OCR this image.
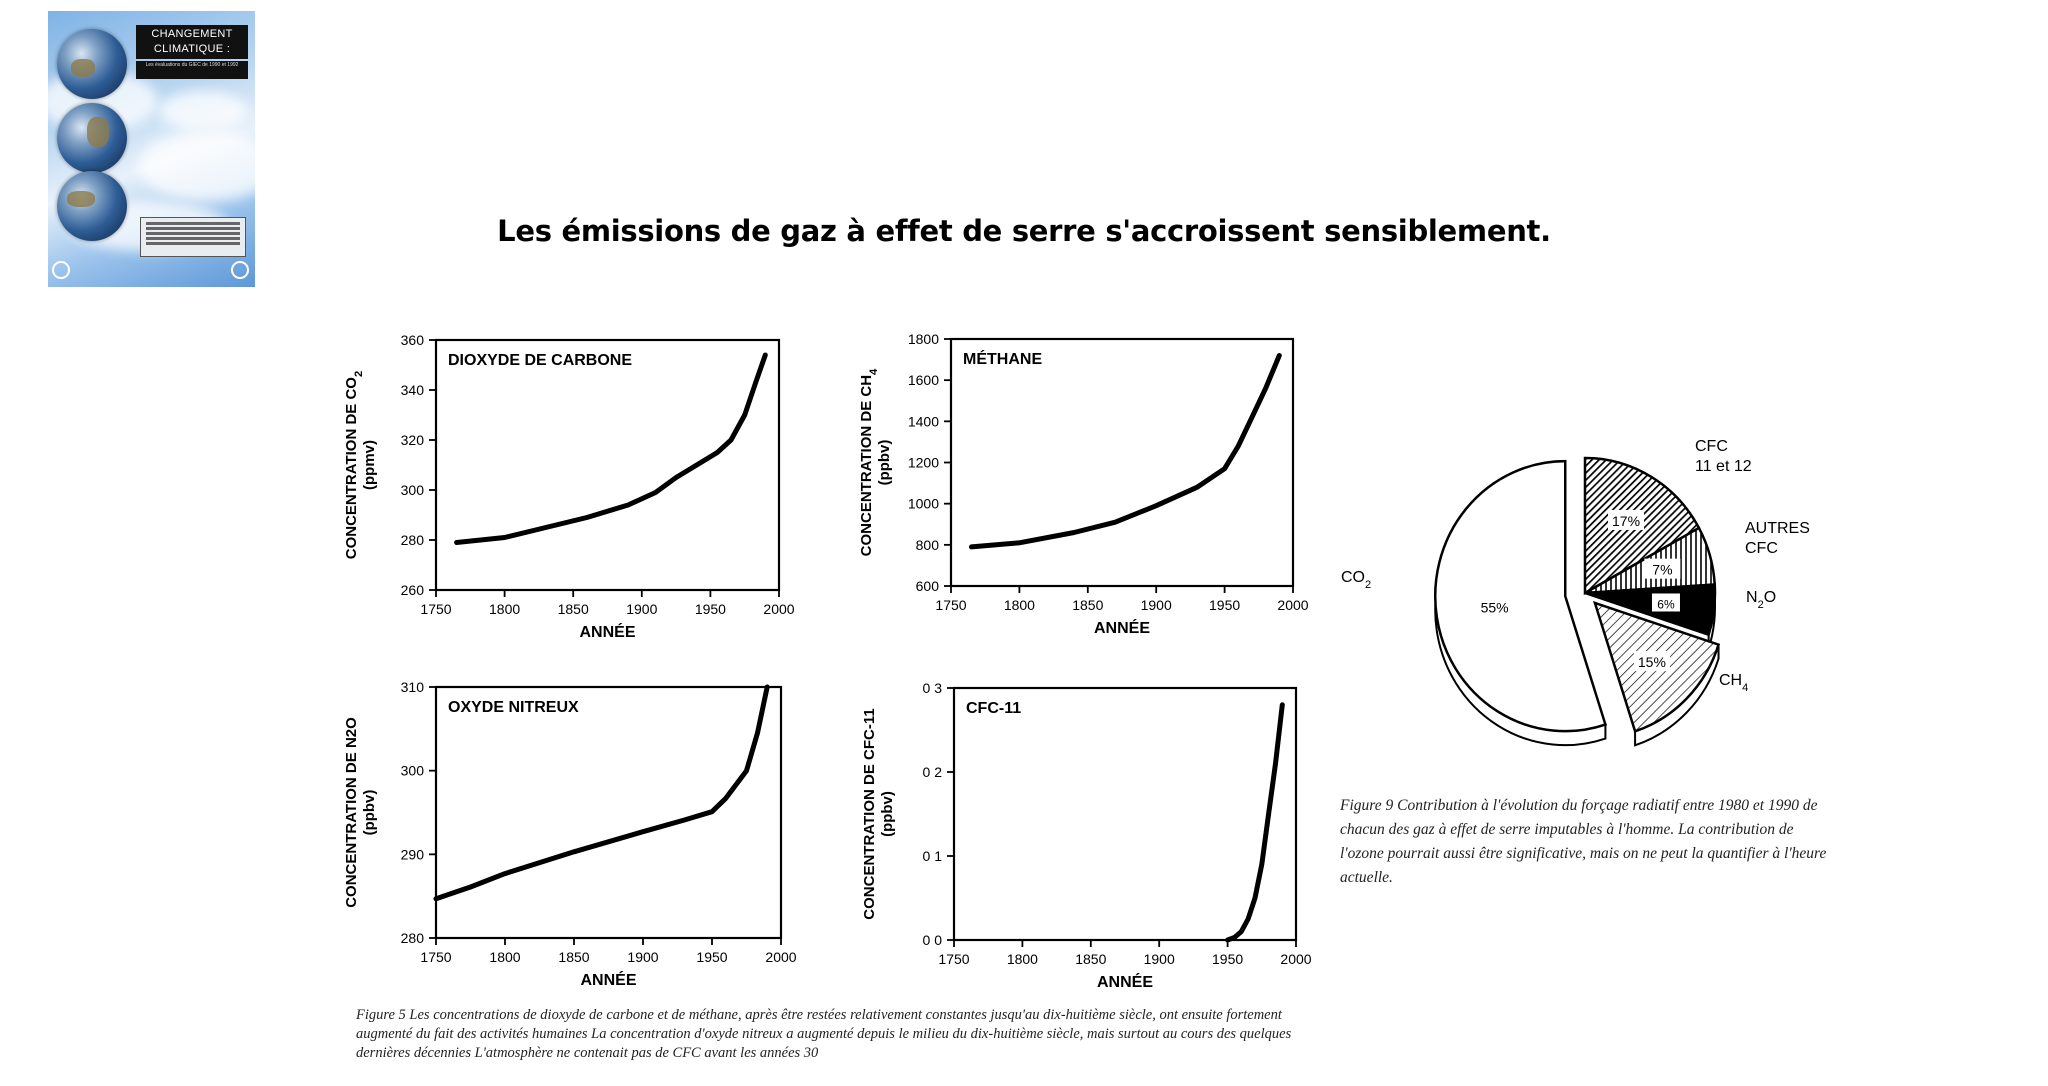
CHANGEMENT
CLIMATIQUE :
Les évaluations du GIEC de 1990 et 1992
Les émissions de gaz à effet de serre s'accroissent sensiblement.
1750	1800	1850	1900	1950	2000
260
280
300
320
340
360
DIOXYDE DE CARBONE
ANNÉE
CONCENTRATION DE $CO_2$
(ppmv)
1750	1800	1850	1900	1950	2000
600
800
1000
1200
1400
1600
1800
MÉTHANE
ANNÉE
CONCENTRATION DE $CH_4$
(ppbv)
1750	1800	1850	1900	1950	2000
280
290
300
310
OXYDE NITREUX
ANNÉE
CONCENTRATION DE N2O (ppbv)
1750	1800	1850	1900	1950	2000
0 0
0 1
0 2
0 3
CFC-11
ANNÉE
CONCENTRATION DE CFC-11 (ppbv)
55%
17%
7%
6%
15%
$CO_2$
CFC
11 et 12
AUTRES
CFC
$N_2O$
$CH_4$

Figure 5 Les concentrations de dioxyde de carbone et de méthane, après être restées relativement constantes jusqu'au dix-huitième siècle, ont ensuite fortement augmenté du fait des activités humaines La concentration d'oxyde nitreux a augmenté depuis le milieu du dix-huitième siècle, mais surtout au cours des quelques dernières décennies L'atmosphère ne contenait pas de CFC avant les années 30

Figure 9 Contribution à l'évolution du forçage radiatif entre 1980 et 1990 de chacun des gaz à effet de serre imputables à l'homme. La contribution de l'ozone pourrait aussi être significative, mais on ne peut la quantifier à l'heure actuelle.
